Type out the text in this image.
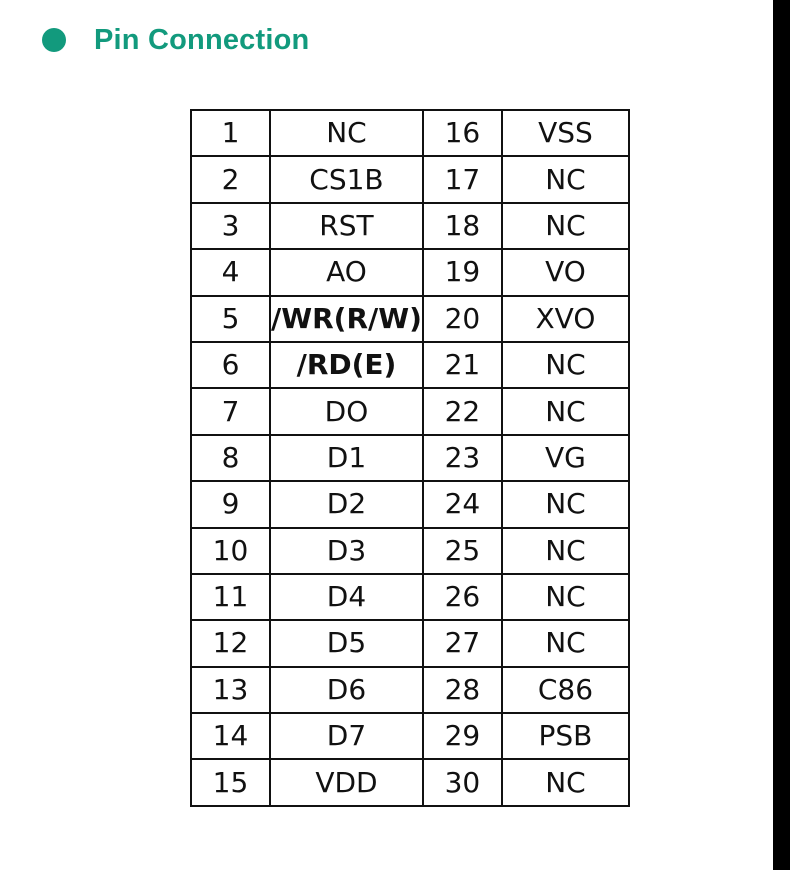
Pin Connection
1	NC	16	VSS
2	CS1B	17	NC
3	RST	18	NC
4	AO	19	VO
5	/WR(R/W)	20	XVO
6	/RD(E)	21	NC
7	DO	22	NC
8	D1	23	VG
9	D2	24	NC
10	D3	25	NC
11	D4	26	NC
12	D5	27	NC
13	D6	28	C86
14	D7	29	PSB
15	VDD	30	NC
